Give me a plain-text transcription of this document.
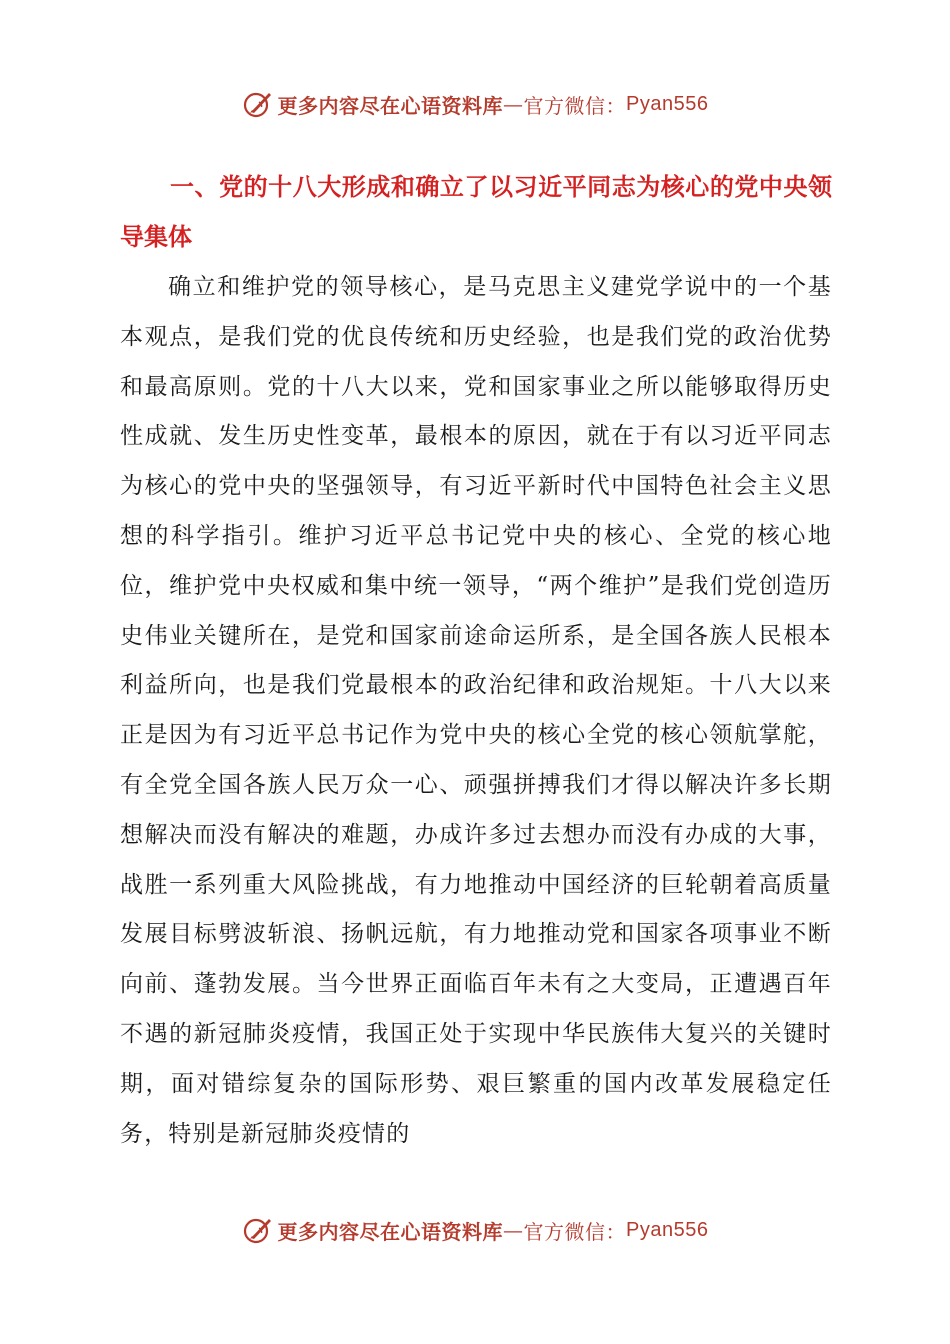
更多内容尽在心语资料库 — 官方微信： Pyan556
一、党的十八大形成和确立了以习近平同志为核心的党中央领导集体

确立和维护党的领导核心，是马克思主义建党学说中的一个基本观点，是我们党的优良传统和历史经验，也是我们党的政治优势和最高原则。党的十八大以来，党和国家事业之所以能够取得历史性成就、发生历史性变革，最根本的原因，就在于有以习近平同志为核心的党中央的坚强领导，有习近平新时代中国特色社会主义思想的科学指引。维护习近平总书记党中央的核心、全党的核心地位，维护党中央权威和集中统一领导，“两个维护”是我们党创造历史伟业关键所在，是党和国家前途命运所系，是全国各族人民根本利益所向，也是我们党最根本的政治纪律和政治规矩。十八大以来正是因为有习近平总书记作为党中央的核心全党的核心领航掌舵，有全党全国各族人民万众一心、顽强拼搏我们才得以解决许多长期想解决而没有解决的难题，办成许多过去想办而没有办成的大事，战胜一系列重大风险挑战，有力地推动中国经济的巨轮朝着高质量发展目标劈波斩浪、扬帆远航，有力地推动党和国家各项事业不断向前、蓬勃发展。当今世界正面临百年未有之大变局，正遭遇百年不遇的新冠肺炎疫情，我国正处于实现中华民族伟大复兴的关键时期，面对错综复杂的国际形势、艰巨繁重的国内改革发展稳定任务，特别是新冠肺炎疫情的

更多内容尽在心语资料库 — 官方微信： Pyan556
